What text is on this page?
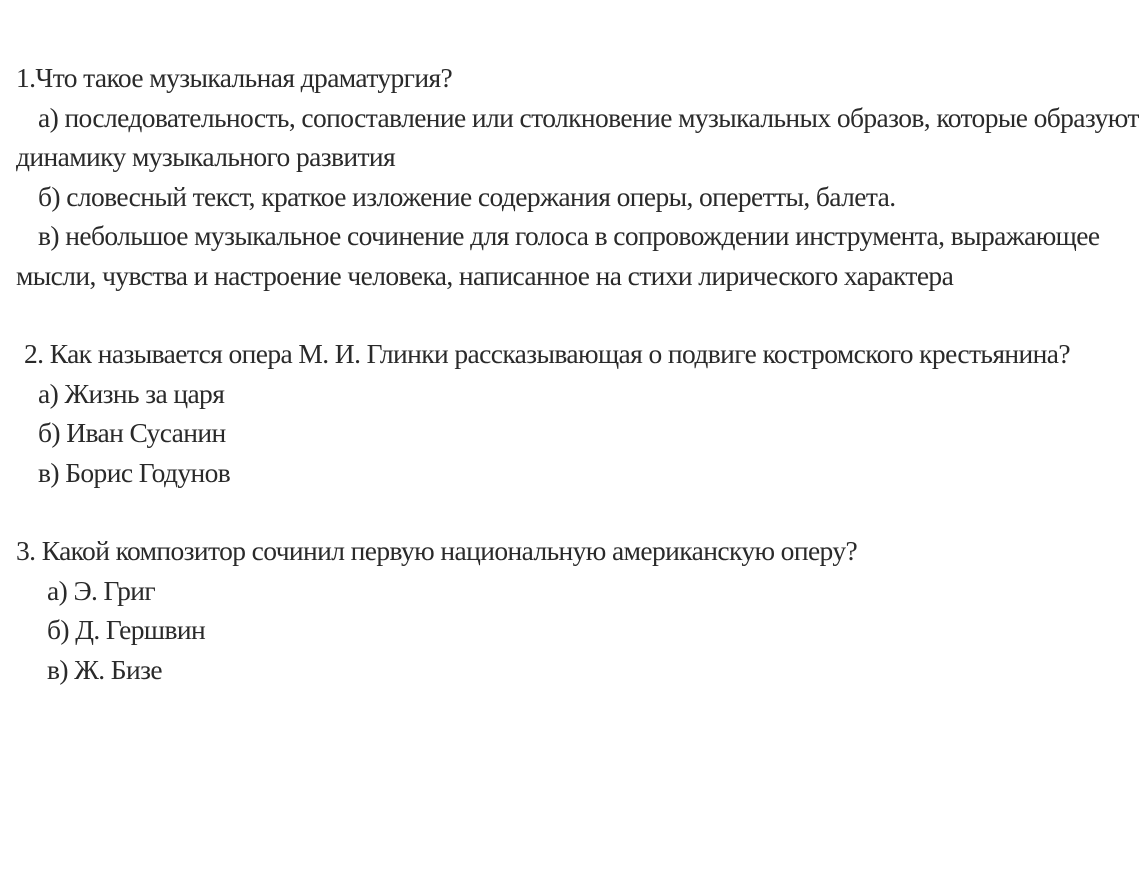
1.Что такое музыкальная драматургия?
а) последовательность, сопоставление или столкновение музыкальных образов, которые образуют динамику музыкального развития
б) словесный текст, краткое изложение содержания оперы, оперетты, балета.
в) небольшое музыкальное сочинение для голоса в сопровождении инструмента, выражающее мысли, чувства и настроение человека, написанное на стихи лирического характера
2. Как называется опера М. И. Глинки рассказывающая о подвиге костромского крестьянина?
а) Жизнь за царя
б) Иван Сусанин
в) Борис Годунов
3. Какой композитор сочинил первую национальную американскую оперу?
а) Э. Григ
б) Д. Гершвин
в) Ж. Бизе
